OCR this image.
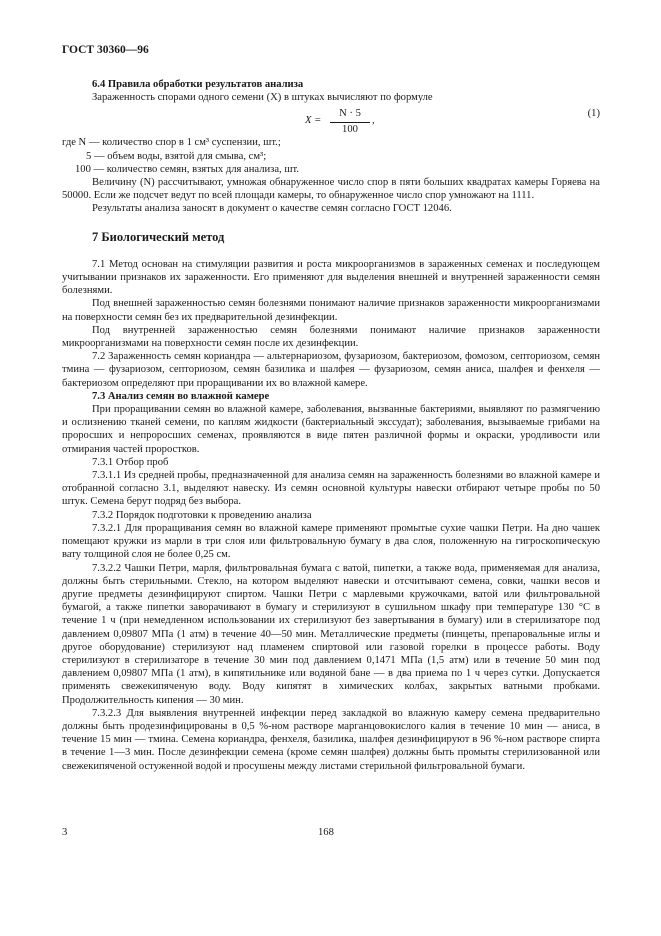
ГОСТ 30360—96

6.4 Правила обработки результатов анализа

Зараженность спорами одного семени (X) в штуках вычисляют по формуле

$X = \frac{N \cdot 5}{100}$ ,
(1)

где N — количество спор в 1 см³ суспензии, шт.;

5 — объем воды, взятой для смыва, см³;

100 — количество семян, взятых для анализа, шт.

Величину (N) рассчитывают, умножая обнаруженное число спор в пяти больших квадратах камеры Горяева на 50000. Если же подсчет ведут по всей площади камеры, то обнаруженное число спор умножают на 1111.

Результаты анализа заносят в документ о качестве семян согласно ГОСТ 12046.

7 Биологический метод

7.1 Метод основан на стимуляции развития и роста микроорганизмов в зараженных семенах и последующем учитывании признаков их зараженности. Его применяют для выделения внешней и внутренней зараженности семян болезнями.

Под внешней зараженностью семян болезнями понимают наличие признаков зараженности микроорганизмами на поверхности семян без их предварительной дезинфекции.

Под внутренней зараженностью семян болезнями понимают наличие признаков зараженности микроорганизмами на поверхности семян после их дезинфекции.

7.2 Зараженность семян кориандра — альтернариозом, фузариозом, бактериозом, фомозом, септориозом, семян тмина — фузариозом, септориозом, семян базилика и шалфея — фузариозом, семян аниса, шалфея и фенхеля — бактериозом определяют при проращивании их во влажной камере.

7.3 Анализ семян во влажной камере

При проращивании семян во влажной камере, заболевания, вызванные бактериями, выявляют по размягчению и ослизнению тканей семени, по каплям жидкости (бактериальный экссудат); заболевания, вызываемые грибами на проросших и непроросших семенах, проявляются в виде пятен различной формы и окраски, уродливости или отмирания частей проростков.

7.3.1 Отбор проб

7.3.1.1 Из средней пробы, предназначенной для анализа семян на зараженность болезнями во влажной камере и отобранной согласно 3.1, выделяют навеску. Из семян основной культуры навески отбирают четыре пробы по 50 штук. Семена берут подряд без выбора.

7.3.2 Порядок подготовки к проведению анализа

7.3.2.1 Для проращивания семян во влажной камере применяют промытые сухие чашки Петри. На дно чашек помещают кружки из марли в три слоя или фильтровальную бумагу в два слоя, положенную на гигроскопическую вату толщиной слоя не более 0,25 см.

7.3.2.2 Чашки Петри, марля, фильтровальная бумага с ватой, пипетки, а также вода, применяемая для анализа, должны быть стерильными. Стекло, на котором выделяют навески и отсчитывают семена, совки, чашки весов и другие предметы дезинфицируют спиртом. Чашки Петри с марлевыми кружочками, ватой или фильтровальной бумагой, а также пипетки заворачивают в бумагу и стерилизуют в сушильном шкафу при температуре 130 °С в течение 1 ч (при немедленном использовании их стерилизуют без завертывания в бумагу) или в стерилизаторе под давлением 0,09807 МПа (1 атм) в течение 40—50 мин. Металлические предметы (пинцеты, препаровальные иглы и другое оборудование) стерилизуют над пламенем спиртовой или газовой горелки в процессе работы. Воду стерилизуют в стерилизаторе в течение 30 мин под давлением 0,1471 МПа (1,5 атм) или в течение 50 мин под давлением 0,09807 МПа (1 атм), в кипятильнике или водяной бане — в два приема по 1 ч через сутки. Допускается применять свежекипяченую воду. Воду кипятят в химических колбах, закрытых ватными пробками. Продолжительность кипения — 30 мин.

7.3.2.3 Для выявления внутренней инфекции перед закладкой во влажную камеру семена предварительно должны быть продезинфицированы в 0,5 %-ном растворе марганцовокислого калия в течение 10 мин — аниса, в течение 15 мин — тмина. Семена кориандра, фенхеля, базилика, шалфея дезинфицируют в 96 %-ном растворе спирта в течение 1—3 мин. После дезинфекции семена (кроме семян шалфея) должны быть промыты стерилизованной или свежекипяченой остуженной водой и просушены между листами стерильной фильтровальной бумаги.

3	168
